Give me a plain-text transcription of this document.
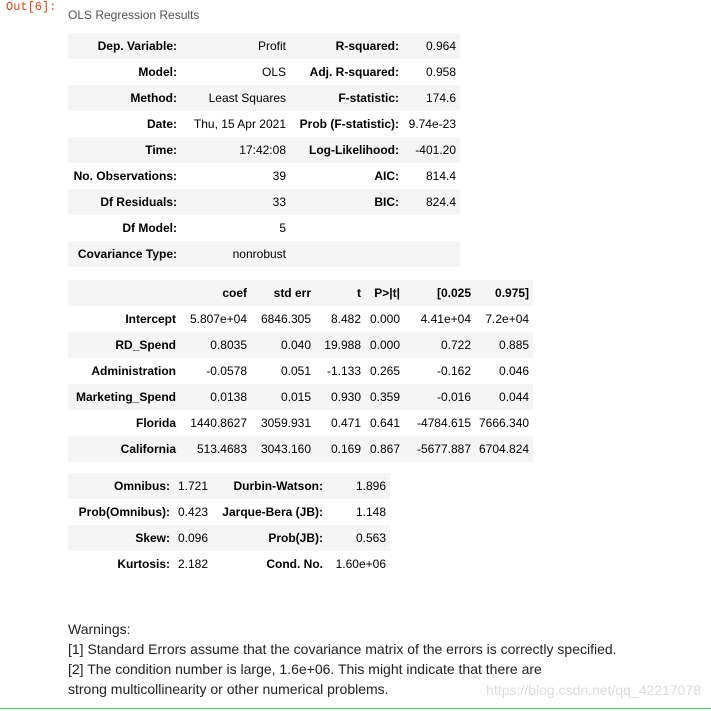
Out[6]:
OLS Regression Results
Dep. Variable:	Profit	R-squared:	0.964
Model:	OLS	Adj. R-squared:	0.958
Method:	Least Squares	F-statistic:	174.6
Date:	Thu, 15 Apr 2021	Prob (F-statistic):	9.74e-23
Time:	17:42:08	Log-Likelihood:	-401.20
No. Observations:	39	AIC:	814.4
Df Residuals:	33	BIC:	824.4
Df Model:	5		
Covariance Type:	nonrobust		
	coef	std err	t	P>|t|	[0.025	0.975]
Intercept	5.807e+04	6846.305	8.482	0.000	4.41e+04	7.2e+04
RD_Spend	0.8035	0.040	19.988	0.000	0.722	0.885
Administration	-0.0578	0.051	-1.133	0.265	-0.162	0.046
Marketing_Spend	0.0138	0.015	0.930	0.359	-0.016	0.044
Florida	1440.8627	3059.931	0.471	0.641	-4784.615	7666.340
California	513.4683	3043.160	0.169	0.867	-5677.887	6704.824
Omnibus:	1.721	Durbin-Watson:	1.896
Prob(Omnibus):	0.423	Jarque-Bera (JB):	1.148
Skew:	0.096	Prob(JB):	0.563
Kurtosis:	2.182	Cond. No.	1.60e+06
Warnings:
[1] Standard Errors assume that the covariance matrix of the errors is correctly specified.
[2] The condition number is large, 1.6e+06. This might indicate that there are
strong multicollinearity or other numerical problems.	https://blog.csdn.net/qq_42217078
